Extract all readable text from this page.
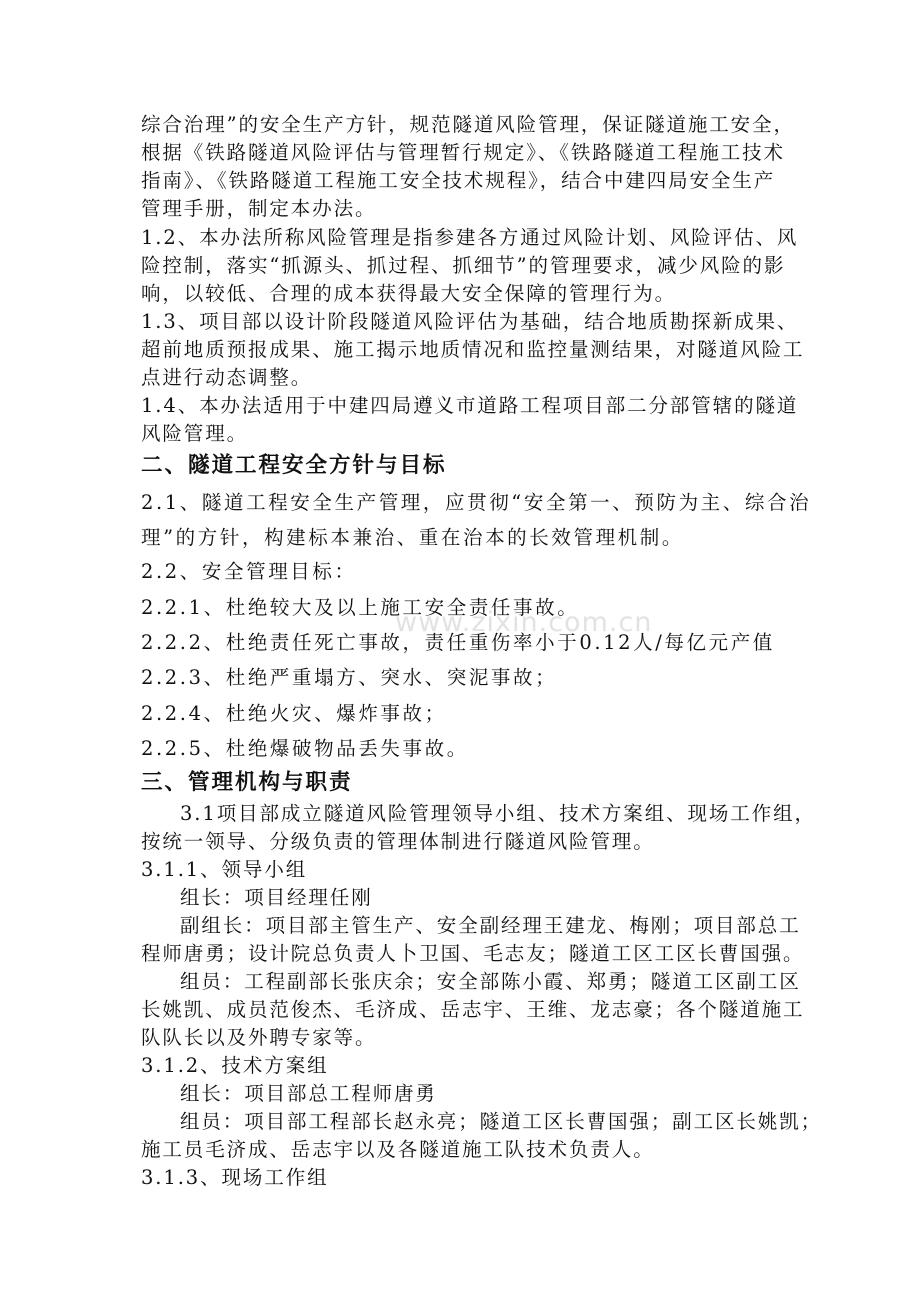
综合治理”的安全生产方针，规范隧道风险管理，保证隧道施工安全，
根据《铁路隧道风险评估与管理暂行规定》、《铁路隧道工程施工技术
指南》、《铁路隧道工程施工安全技术规程》，结合中建四局安全生产
管理手册，制定本办法。
1.2、本办法所称风险管理是指参建各方通过风险计划、风险评估、风
险控制，落实“抓源头、抓过程、抓细节”的管理要求，减少风险的影
响，以较低、合理的成本获得最大安全保障的管理行为。
1.3、项目部以设计阶段隧道风险评估为基础，结合地质勘探新成果、
超前地质预报成果、施工揭示地质情况和监控量测结果，对隧道风险工
点进行动态调整。
1.4、本办法适用于中建四局遵义市道路工程项目部二分部管辖的隧道
风险管理。
二、隧道工程安全方针与目标
2.1、隧道工程安全生产管理，应贯彻“安全第一、预防为主、综合治
理”的方针，构建标本兼治、重在治本的长效管理机制。
2.2、安全管理目标：
2.2.1、杜绝较大及以上施工安全责任事故。
2.2.2、杜绝责任死亡事故，责任重伤率小于0.12人/每亿元产值
2.2.3、杜绝严重塌方、突水、突泥事故；
2.2.4、杜绝火灾、爆炸事故；
2.2.5、杜绝爆破物品丢失事故。
三、管理机构与职责
3.1项目部成立隧道风险管理领导小组、技术方案组、现场工作组，
按统一领导、分级负责的管理体制进行隧道风险管理。
3.1.1、领导小组
组长：项目经理任刚
副组长：项目部主管生产、安全副经理王建龙、梅刚；项目部总工
程师唐勇；设计院总负责人卜卫国、毛志友；隧道工区工区长曹国强。
组员：工程副部长张庆余；安全部陈小霞、郑勇；隧道工区副工区
长姚凯、成员范俊杰、毛济成、岳志宇、王维、龙志豪；各个隧道施工
队队长以及外聘专家等。
3.1.2、技术方案组
组长：项目部总工程师唐勇
组员：项目部工程部长赵永亮；隧道工区长曹国强；副工区长姚凯；
施工员毛济成、岳志宇以及各隧道施工队技术负责人。
3.1.3、现场工作组
www.zixin.com.cn
